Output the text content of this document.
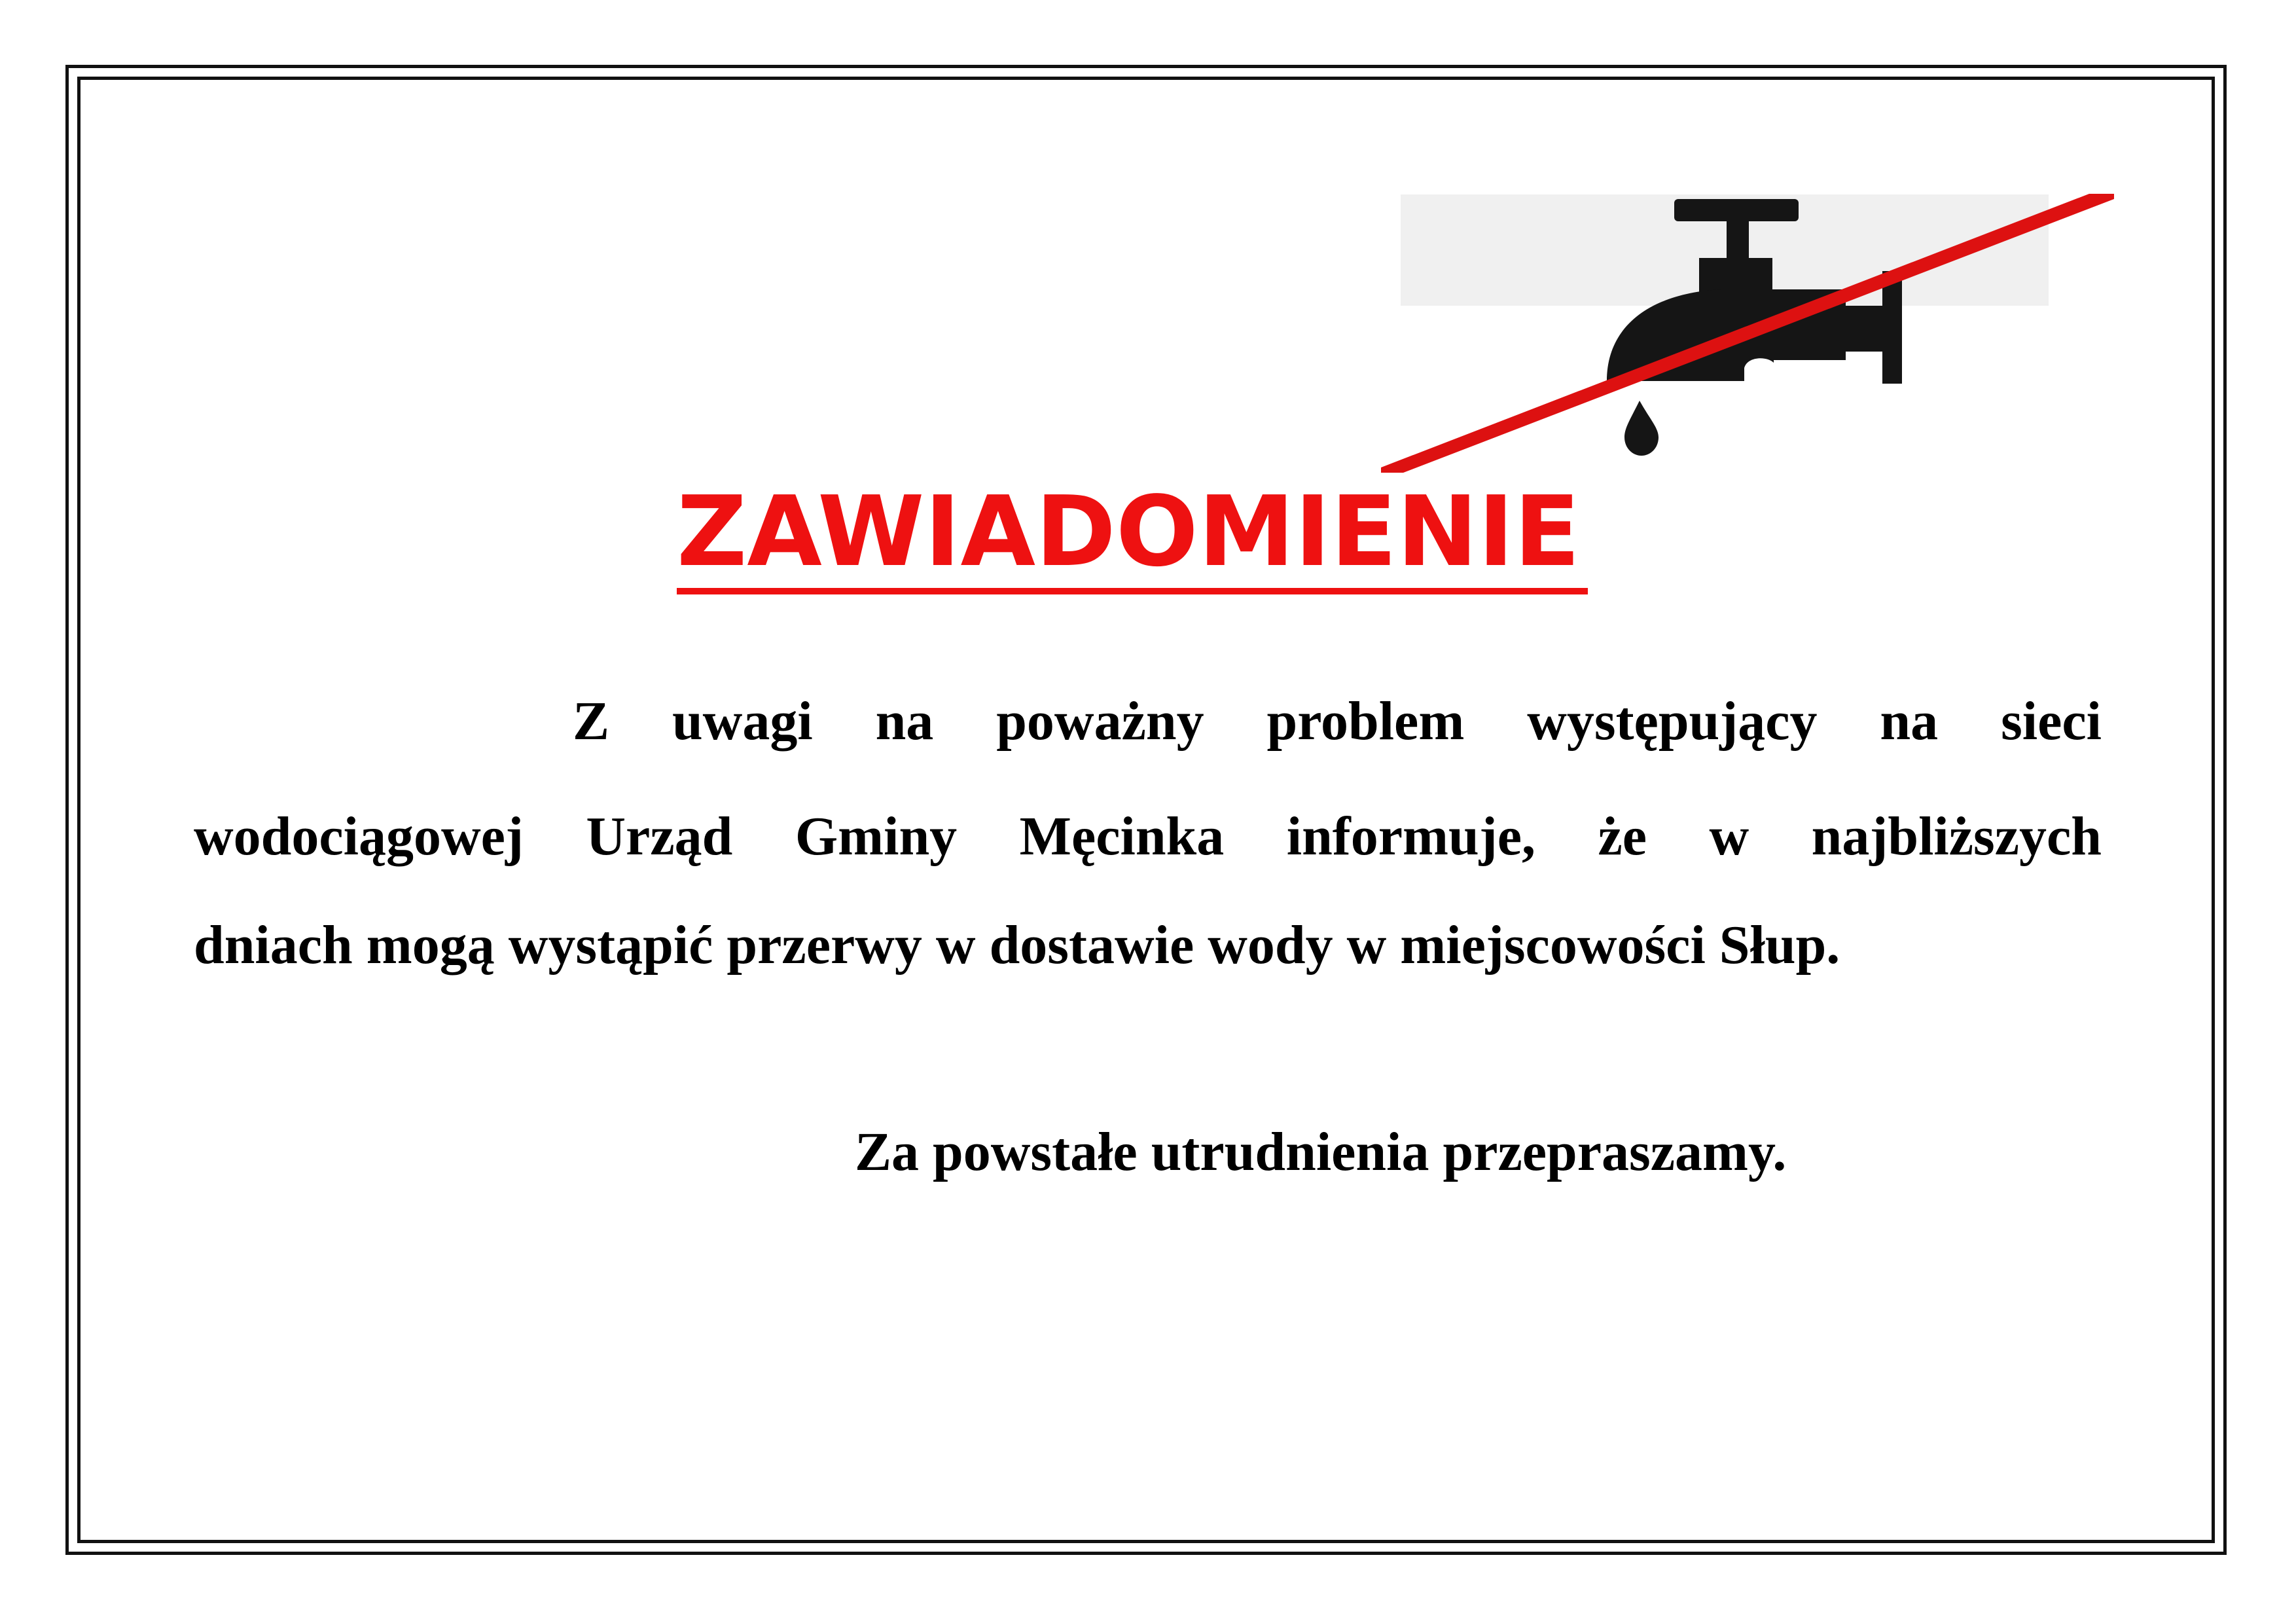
ZAWIADOMIENIE

Z uwagi na poważny problem występujący na sieci

wodociągowej Urząd Gminy Męcinka informuje, że w najbliższych

dniach mogą wystąpić przerwy w dostawie wody w miejscowości Słup.

Za powstałe utrudnienia przepraszamy.
